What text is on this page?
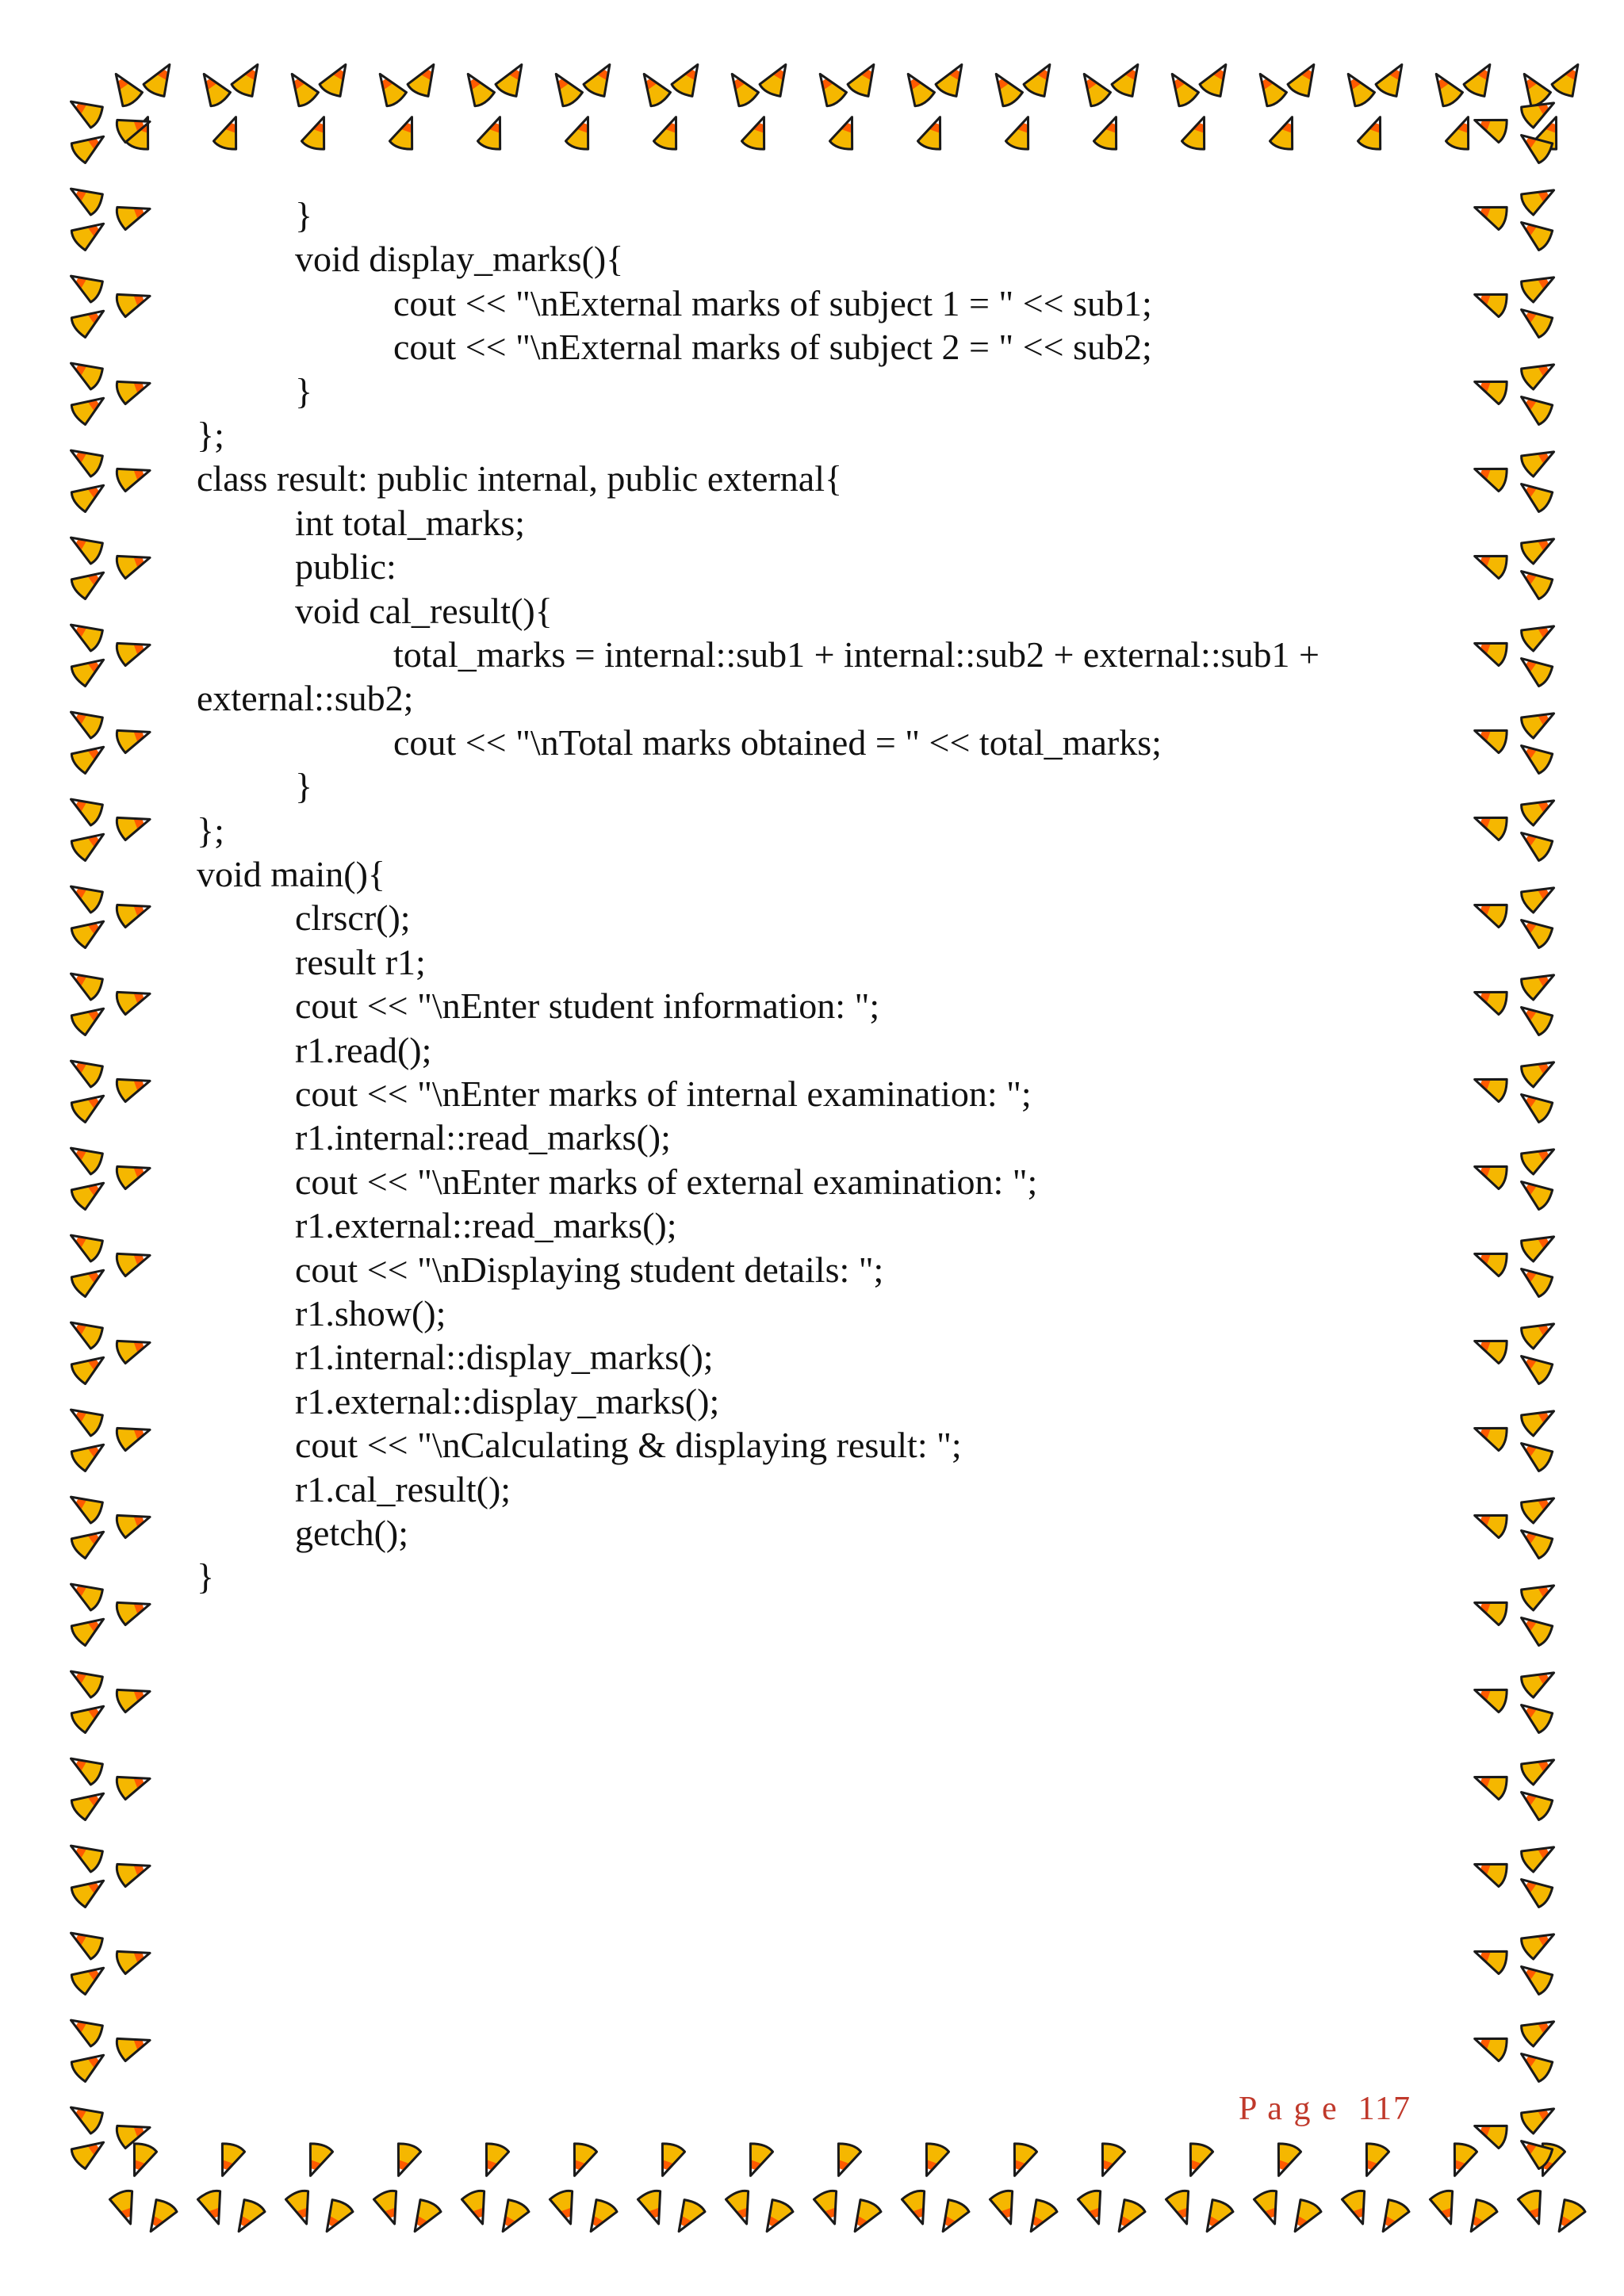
}
void display_marks(){
cout << "\nExternal marks of subject 1 = " << sub1;
cout << "\nExternal marks of subject 2 = " << sub2;
}
};
class result: public internal, public external{
int total_marks;
public:
void cal_result(){
total_marks = internal::sub1 + internal::sub2 + external::sub1 +
external::sub2;
cout << "\nTotal marks obtained = " << total_marks;
}
};
void main(){
clrscr();
result r1;
cout << "\nEnter student information: ";
r1.read();
cout << "\nEnter marks of internal examination: ";
r1.internal::read_marks();
cout << "\nEnter marks of external examination: ";
r1.external::read_marks();
cout << "\nDisplaying student details: ";
r1.show();
r1.internal::display_marks();
r1.external::display_marks();
cout << "\nCalculating & displaying result: ";
r1.cal_result();
getch();
}
P a g e  117
